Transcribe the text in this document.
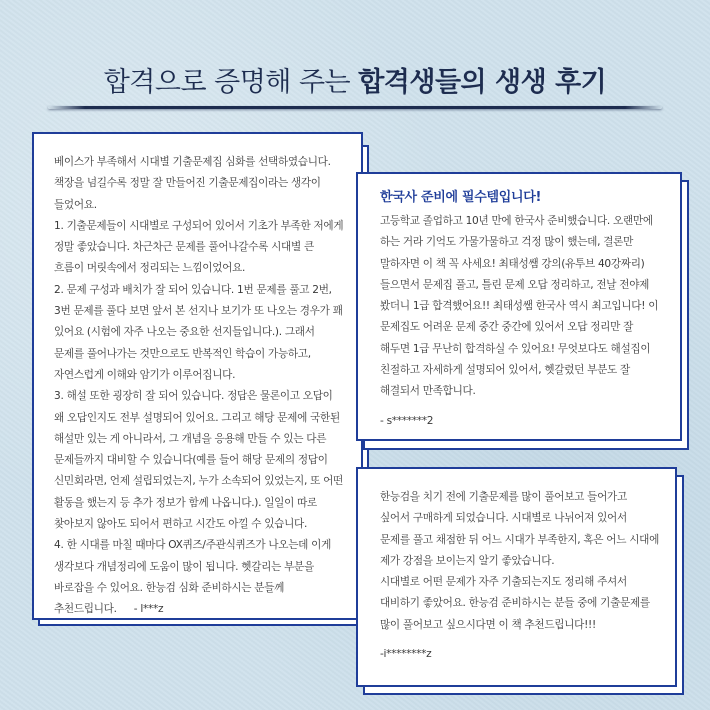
합격으로 증명해 주는 합격생들의 생생 후기

베이스가 부족해서 시대별 기출문제집 심화를 선택하였습니다. 책장을 넘길수록 정말 잘 만들어진 기출문제집이라는 생각이 들었어요.

1. 기출문제들이 시대별로 구성되어 있어서 기초가 부족한 저에게 정말 좋았습니다. 차근차근 문제를 풀어나갈수록 시대별 큰 흐름이 머릿속에서 정리되는 느낌이었어요.

2. 문제 구성과 배치가 잘 되어 있습니다. 1번 문제를 풀고 2번, 3번 문제를 풀다 보면 앞서 본 선지나 보기가 또 나오는 경우가 꽤 있어요 (시험에 자주 나오는 중요한 선지들입니다.). 그래서 문제를 풀어나가는 것만으로도 반복적인 학습이 가능하고, 자연스럽게 이해와 암기가 이루어집니다.

3. 해설 또한 굉장히 잘 되어 있습니다. 정답은 물론이고 오답이 왜 오답인지도 전부 설명되어 있어요. 그리고 해당 문제에 국한된 해설만 있는 게 아니라서, 그 개념을 응용해 만들 수 있는 다른 문제들까지 대비할 수 있습니다(예를 들어 해당 문제의 정답이 신민회라면, 언제 설립되었는지, 누가 소속되어 있었는지, 또 어떤 활동을 했는지 등 추가 정보가 함께 나옵니다.). 일일이 따로 찾아보지 않아도 되어서 편하고 시간도 아낄 수 있습니다.

4. 한 시대를 마칠 때마다 OX퀴즈/주관식퀴즈가 나오는데 이게 생각보다 개념정리에 도움이 많이 됩니다. 헷갈리는 부분을 바로잡을 수 있어요. 한능검 심화 준비하시는 분들께 추천드립니다. - l***z

한국사 준비에 필수템입니다!

고등학교 졸업하고 10년 만에 한국사 준비했습니다. 오랜만에 하는 거라 기억도 가물가물하고 걱정 많이 했는데, 결론만 말하자면 이 책 꼭 사세요! 최태성쌤 강의(유투브 40강짜리) 들으면서 문제집 풀고, 틀린 문제 오답 정리하고, 전날 전야제 봤더니 1급 합격했어요!! 최태성쌤 한국사 역시 최고입니다! 이 문제집도 어려운 문제 중간 중간에 있어서 오답 정리만 잘 해두면 1급 무난히 합격하실 수 있어요! 무엇보다도 해설집이 친절하고 자세하게 설명되어 있어서, 헷갈렸던 부분도 잘 해결되서 만족합니다.

- s*******2

한능검을 치기 전에 기출문제를 많이 풀어보고 들어가고 싶어서 구매하게 되었습니다. 시대별로 나뉘어져 있어서 문제를 풀고 채점한 뒤 어느 시대가 부족한지, 혹은 어느 시대에 제가 강점을 보이는지 알기 좋았습니다.

시대별로 어떤 문제가 자주 기출되는지도 정리해 주셔서 대비하기 좋았어요. 한능검 준비하시는 분들 중에 기출문제를 많이 풀어보고 싶으시다면 이 책 추천드립니다!!!

-i********z
